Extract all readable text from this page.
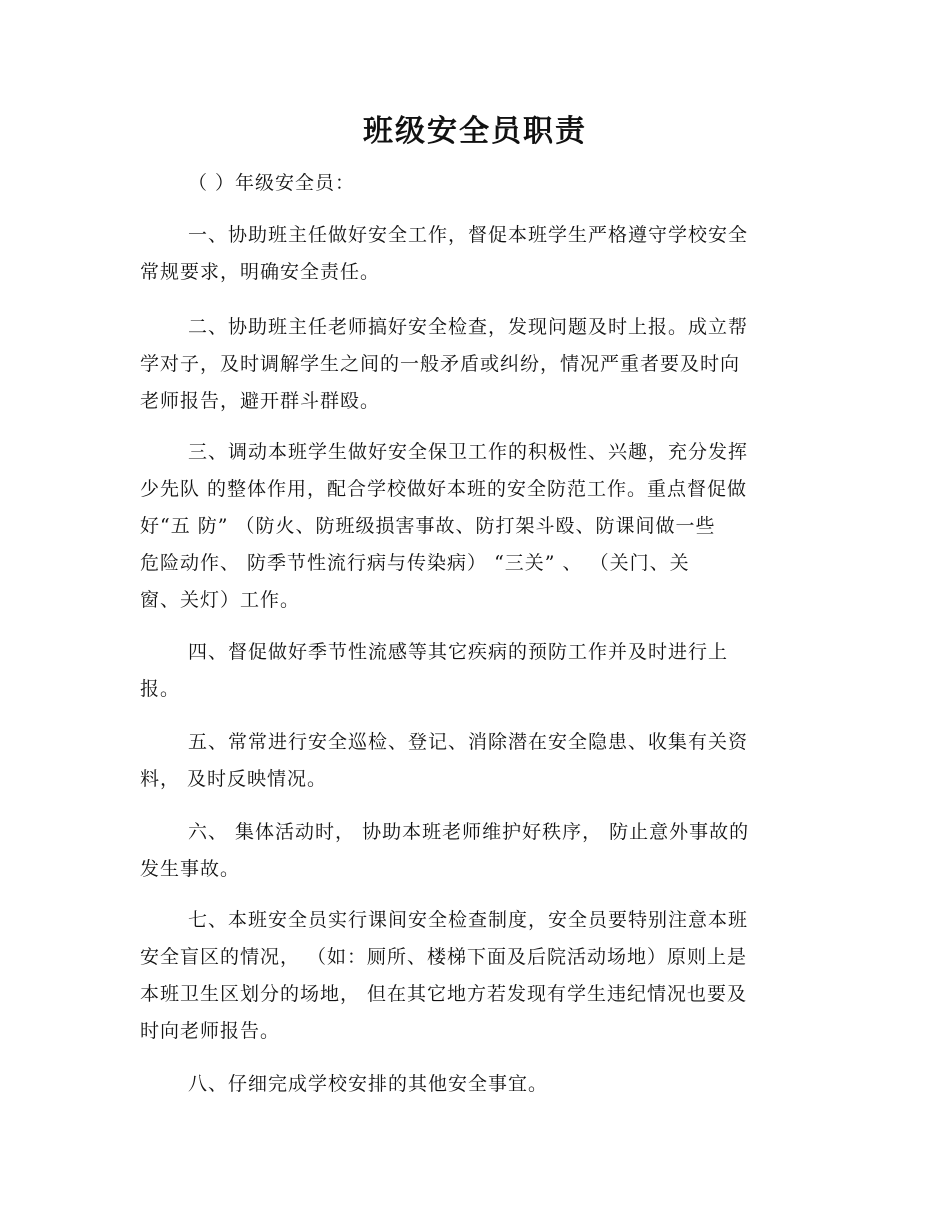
班级安全员职责
（ ）年级安全员：

一、协助班主任做好安全工作，督促本班学生严格遵守学校安全
常规要求，明确安全责任。

二、协助班主任老师搞好安全检查，发现问题及时上报。成立帮
学对子，及时调解学生之间的一般矛盾或纠纷，情况严重者要及时向
老师报告，避开群斗群殴。

三、调动本班学生做好安全保卫工作的积极性、兴趣，充分发挥
少先队 的整体作用，配合学校做好本班的安全防范工作。重点督促做
好“五 防” （防火、防班级损害事故、防打架斗殴、防课间做一些
危险动作、 防季节性流行病与传染病） “三关” 、 （关门、关
窗、关灯）工作。

四、督促做好季节性流感等其它疾病的预防工作并及时进行上
报。

五、常常进行安全巡检、登记、消除潜在安全隐患、收集有关资
料， 及时反映情况。

六、 集体活动时， 协助本班老师维护好秩序， 防止意外事故的
发生事故。

七、本班安全员实行课间安全检查制度，安全员要特别注意本班
安全盲区的情况， （如：厕所、楼梯下面及后院活动场地）原则上是
本班卫生区划分的场地， 但在其它地方若发现有学生违纪情况也要及
时向老师报告。

八、仔细完成学校安排的其他安全事宜。
